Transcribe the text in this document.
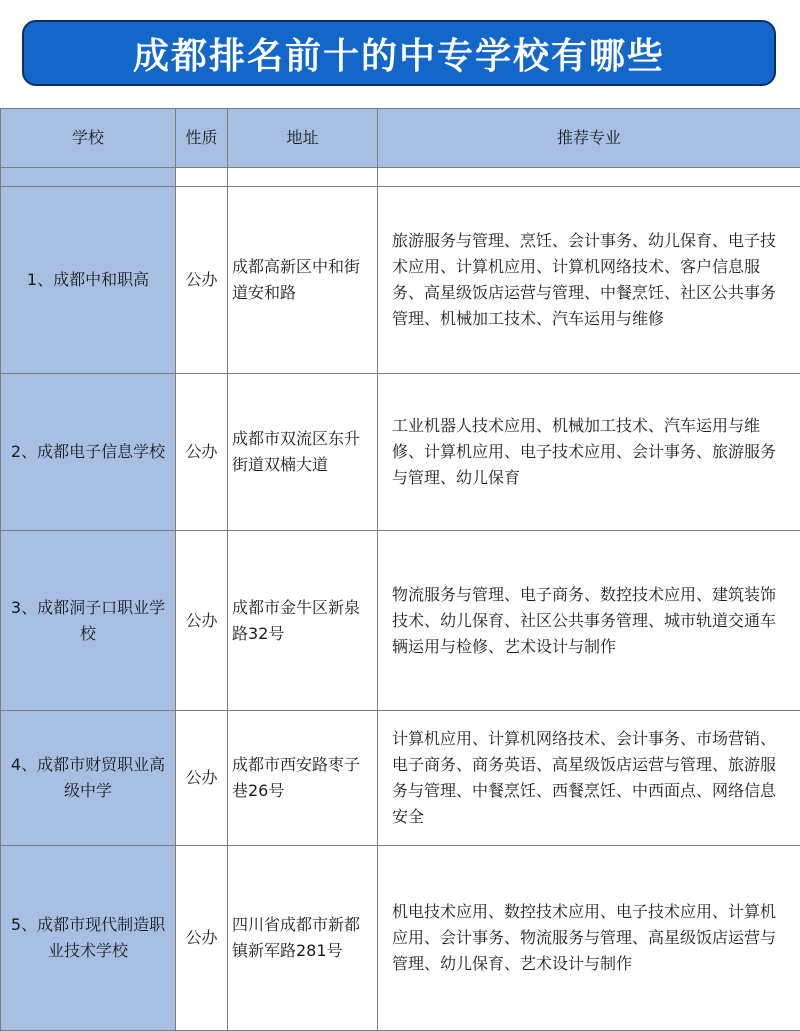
成都排名前十的中专学校有哪些
学校	性质	地址	推荐专业

1、成都中和职高	公办	成都高新区中和街道安和路	旅游服务与管理、烹饪、会计事务、幼儿保育、电子技术应用、计算机应用、计算机网络技术、客户信息服务、高星级饭店运营与管理、中餐烹饪、社区公共事务管理、机械加工技术、汽车运用与维修
2、成都电子信息学校	公办	成都市双流区东升街道双楠大道	工业机器人技术应用、机械加工技术、汽车运用与维修、计算机应用、电子技术应用、会计事务、旅游服务与管理、幼儿保育
3、成都洞子口职业学校	公办	成都市金牛区新泉路32号	物流服务与管理、电子商务、数控技术应用、建筑装饰技术、幼儿保育、社区公共事务管理、城市轨道交通车辆运用与检修、艺术设计与制作
4、成都市财贸职业高级中学	公办	成都市西安路枣子巷26号	计算机应用、计算机网络技术、会计事务、市场营销、电子商务、商务英语、高星级饭店运营与管理、旅游服务与管理、中餐烹饪、西餐烹饪、中西面点、网络信息安全
5、成都市现代制造职业技术学校	公办	四川省成都市新都镇新军路281号	机电技术应用、数控技术应用、电子技术应用、计算机应用、会计事务、物流服务与管理、高星级饭店运营与管理、幼儿保育、艺术设计与制作
